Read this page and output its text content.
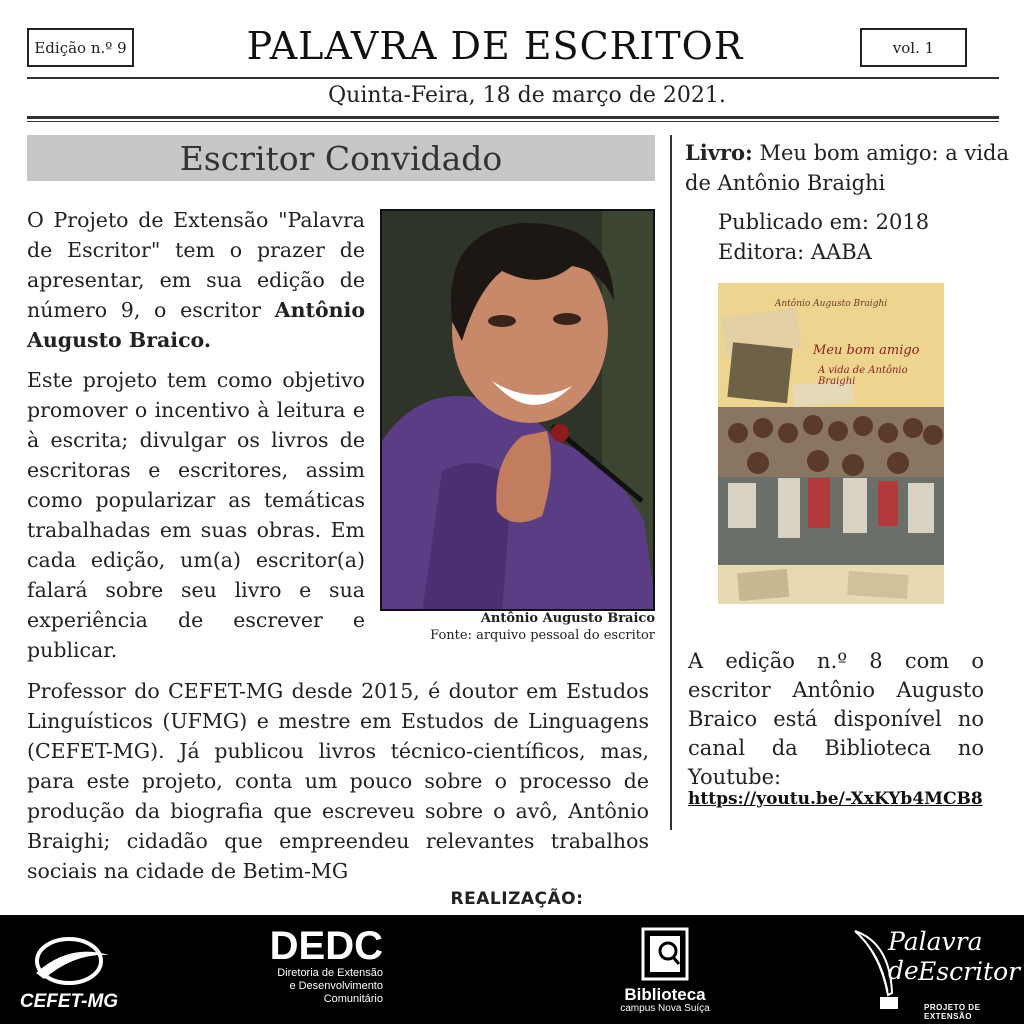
Edição n.º 9	PALAVRA DE ESCRITOR	vol. 1
Quinta-Feira, 18 de março de 2021.
Escritor Convidado

O Projeto de Extensão "Palavra de Escritor" tem o prazer de apresentar, em sua edição de número 9, o escritor Antônio Augusto Braico.

Este projeto tem como objetivo promover o incentivo à leitura e à escrita; divulgar os livros de escritoras e escritores, assim como popularizar as temáticas trabalhadas em suas obras. Em cada edição, um(a) escritor(a) falará sobre seu livro e sua experiência de escrever e publicar.

Antônio Augusto Braico
Fonte: arquivo pessoal do escritor

Professor do CEFET-MG desde 2015, é doutor em Estudos Linguísticos (UFMG) e mestre em Estudos de Linguagens (CEFET-MG). Já publicou livros técnico-científicos, mas, para este projeto, conta um pouco sobre o processo de produção da biografia que escreveu sobre o avô, Antônio Braighi; cidadão que empreendeu relevantes trabalhos sociais na cidade de Betim-MG

Livro: Meu bom amigo: a vida de Antônio Braighi
Publicado em: 2018
Editora: AABA
Antônio Augusto Braighi
Meu bom amigo
A vida de Antônio Braighi

A edição n.º 8 com o escritor Antônio Augusto Braico está disponível no canal da Biblioteca no Youtube:

https://youtu.be/-XxKYb4MCB8
REALIZAÇÃO:
CEFET-MG
DEDC
Diretoria de Extensão
e Desenvolvimento
Comunitário	Biblioteca
campus Nova Suíça
Palavra de Escritor
PROJETO DE EXTENSÃO
